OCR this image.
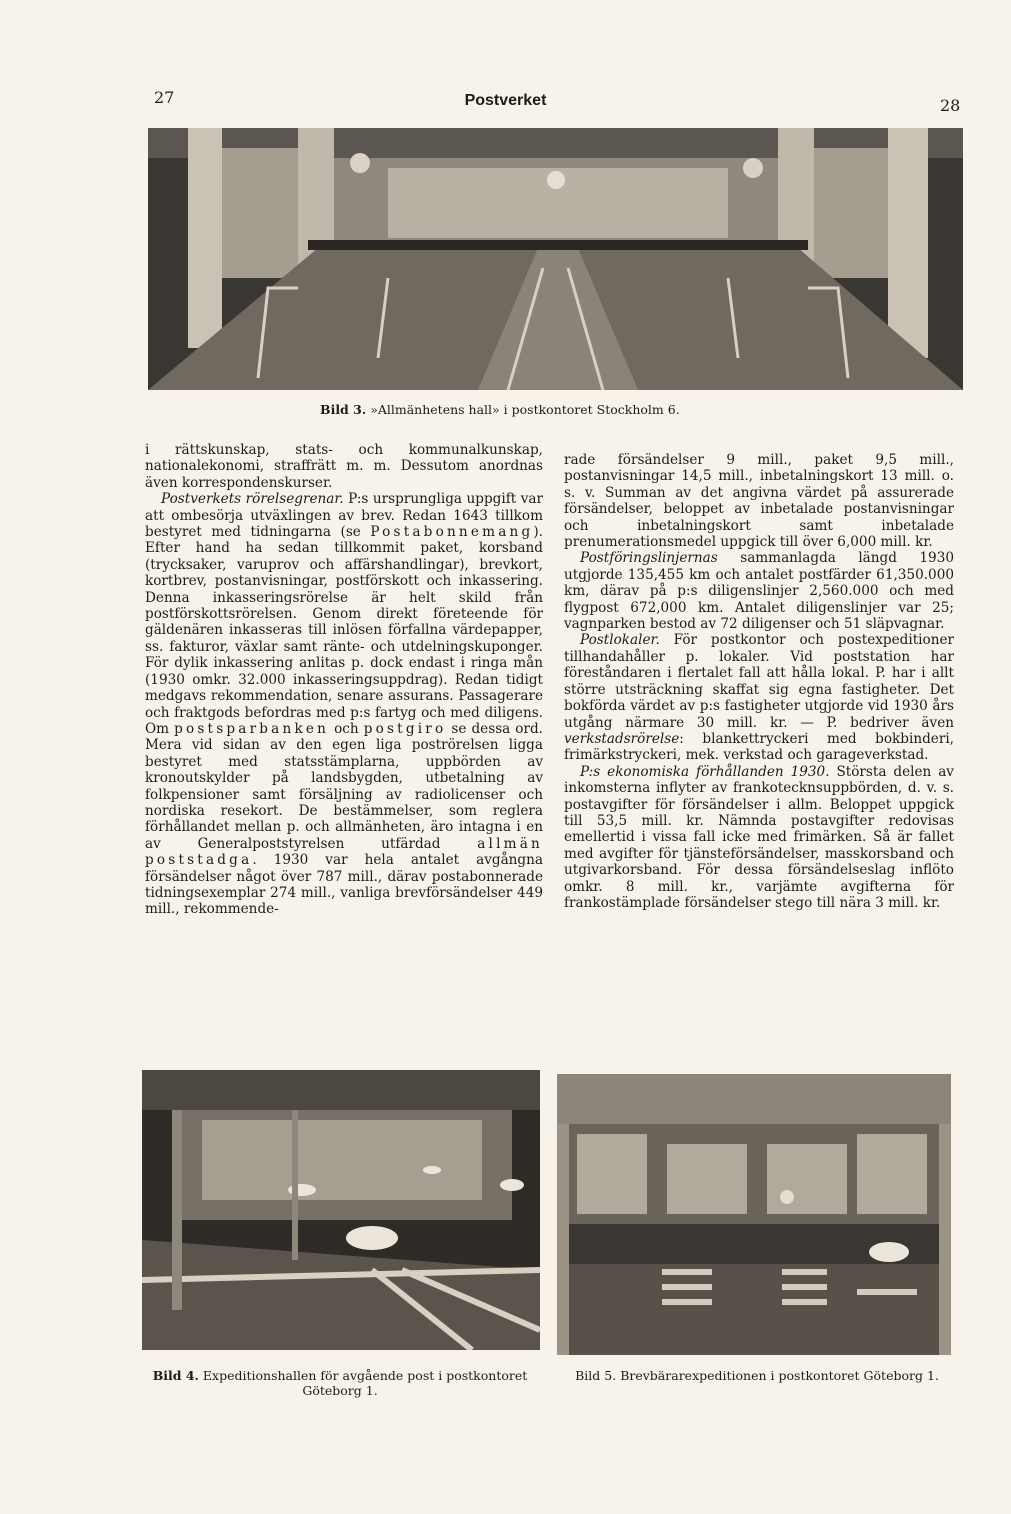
27	Postverket	28
Bild 3. »Allmänhetens hall» i postkontoret Stockholm 6.

i rättskunskap, stats- och kommunalkunskap, nationalekonomi, straffrätt m. m. Dessutom anordnas även korrespondenskurser.

Postverkets rörelsegrenar. P:s ursprungliga uppgift var att ombesörja utväxlingen av brev. Redan 1643 tillkom bestyret med tidningarna (se Postabonnemang). Efter hand ha sedan tillkommit paket, korsband (trycksaker, varuprov och affärshandlingar), brevkort, kortbrev, postanvisningar, postförskott och inkassering. Denna inkasseringsrörelse är helt skild från postförskottsrörelsen. Genom direkt företeende för gäldenären inkasseras till inlösen förfallna värdepapper, ss. fakturor, växlar samt ränte- och utdelningskuponger. För dylik inkassering anlitas p. dock endast i ringa mån (1930 omkr. 32.000 inkasseringsuppdrag). Redan tidigt medgavs rekommendation, senare assurans. Passagerare och fraktgods befordras med p:s fartyg och med diligens. Om postsparbanken och postgiro se dessa ord. Mera vid sidan av den egen liga poströrelsen ligga bestyret med statsstämplarna, uppbörden av kronoutskylder på landsbygden, utbetalning av folkpensioner samt försäljning av radiolicenser och nordiska resekort. De bestämmelser, som reglera förhållandet mellan p. och allmänheten, äro intagna i en av Generalpoststyrelsen utfärdad allmän poststadga. 1930 var hela antalet avgångna försändelser något över 787 mill., därav postabonnerade tidningsexemplar 274 mill., vanliga brevförsändelser 449 mill., rekommende-

rade försändelser 9 mill., paket 9,5 mill., postanvisningar 14,5 mill., inbetalningskort 13 mill. o. s. v. Summan av det angivna värdet på assurerade försändelser, beloppet av inbetalade postanvisningar och inbetalningskort samt inbetalade prenumerationsmedel uppgick till över 6,000 mill. kr.

Postföringslinjernas sammanlagda längd 1930 utgjorde 135,455 km och antalet postfärder 61,350.000 km, därav på p:s diligenslinjer 2,560.000 och med flygpost 672,000 km. Antalet diligenslinjer var 25; vagnparken bestod av 72 diligenser och 51 släpvagnar.

Postlokaler. För postkontor och postexpeditioner tillhandahåller p. lokaler. Vid poststation har föreståndaren i flertalet fall att hålla lokal. P. har i allt större utsträckning skaffat sig egna fastigheter. Det bokförda värdet av p:s fastigheter utgjorde vid 1930 års utgång närmare 30 mill. kr. — P. bedriver även verkstadsrörelse: blankettryckeri med bokbinderi, frimärkstryckeri, mek. verkstad och garageverkstad.

P:s ekonomiska förhållanden 1930. Största delen av inkomsterna inflyter av frankotecknsuppbörden, d. v. s. postavgifter för försändelser i allm. Beloppet uppgick till 53,5 mill. kr. Nämnda postavgifter redovisas emellertid i vissa fall icke med frimärken. Så är fallet med avgifter för tjänsteförsändelser, masskorsband och utgivarkorsband. För dessa försändelseslag inflöto omkr. 8 mill. kr., varjämte avgifterna för frankostämplade försändelser stego till nära 3 mill. kr.

Bild 4. Expeditionshallen för avgående post i postkontoret Göteborg 1.
Bild 5. Brevbärarexpeditionen i postkontoret Göteborg 1.
